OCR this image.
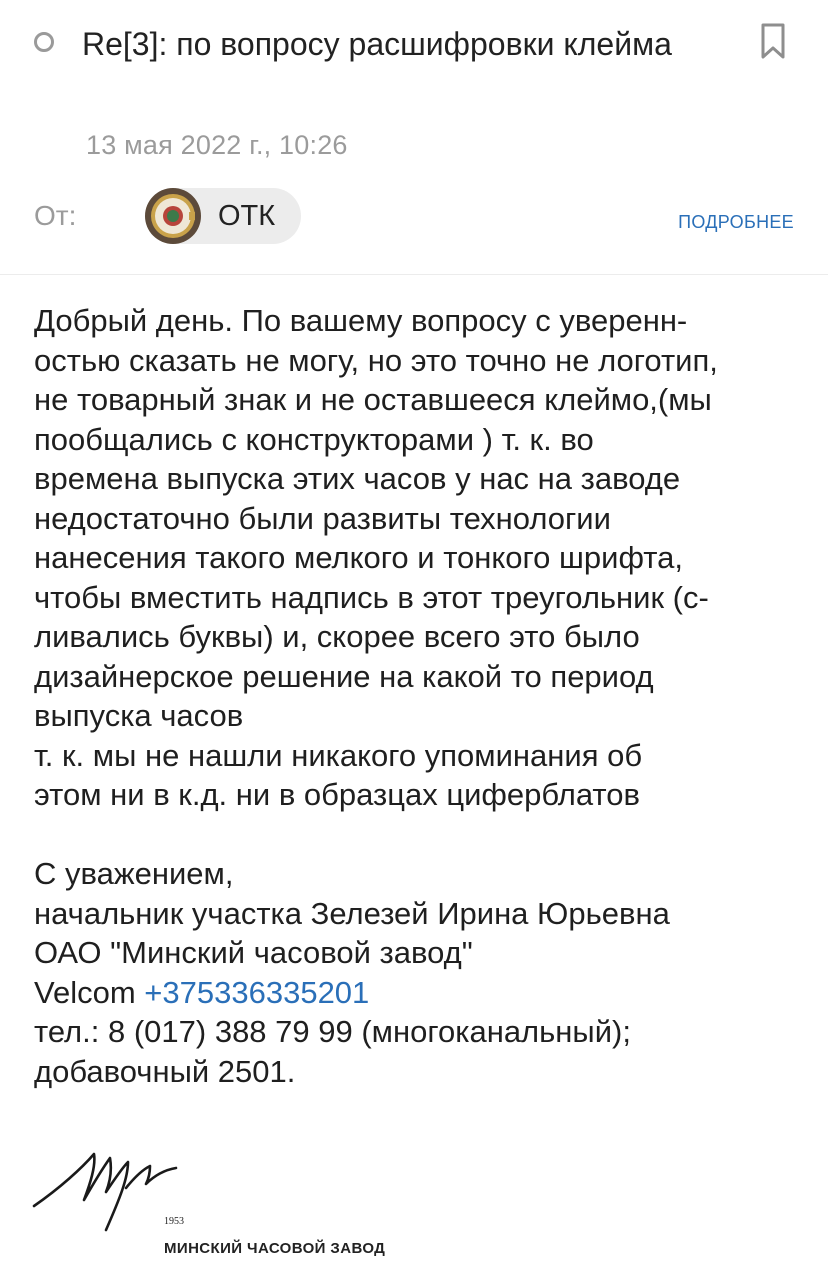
Re[3]: по вопросу расшифровки клейма
13 мая 2022 г., 10:26
От:	ОТК	ПОДРОБНЕЕ
Добрый день. По вашему вопросу с уверенн-
остью сказать не могу, но это точно не логотип,
не товарный знак и не оставшееся клеймо,(мы
пообщались с конструкторами ) т. к. во
времена выпуска этих часов у нас на заводе
недостаточно были развиты технологии
нанесения такого мелкого и тонкого шрифта,
чтобы вместить надпись в этот треугольник (с-
ливались буквы) и, скорее всего это было
дизайнерское решение на какой то период
выпуска часов
т. к. мы не нашли никакого упоминания об
этом ни в к.д. ни в образцах циферблатов
С уважением,
начальник участка Зелезей Ирина Юрьевна
ОАО "Минский часовой завод"
Velcom +375336335201
тел.: 8 (017) 388 79 99 (многоканальный);
добавочный 2501.
1953
МИНСКИЙ ЧАСОВОЙ ЗАВОД
